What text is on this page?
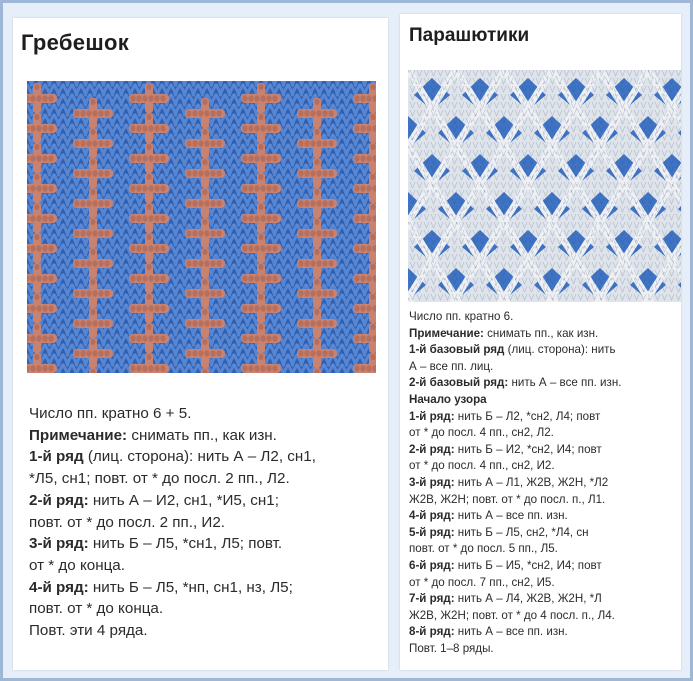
Гребешок
Число пп. кратно 6 + 5.
Примечание: снимать пп., как изн.
1-й ряд (лиц. сторона): нить А – Л2, сн1,
*Л5, сн1; повт. от * до посл. 2 пп., Л2.
2-й ряд: нить А – И2, сн1, *И5, сн1;
повт. от * до посл. 2 пп., И2.
3-й ряд: нить Б – Л5, *сн1, Л5; повт.
от * до конца.
4-й ряд: нить Б – Л5, *нп, сн1, нз, Л5;
повт. от * до конца.
Повт. эти 4 ряда.
Парашютики
Число пп. кратно 6.
Примечание: снимать пп., как изн.
1-й базовый ряд (лиц. сторона): нить
А – все пп. лиц.
2-й базовый ряд: нить А – все пп. изн.
Начало узора
1-й ряд: нить Б – Л2, *сн2, Л4; повт
от * до посл. 4 пп., сн2, Л2.
2-й ряд: нить Б – И2, *сн2, И4; повт
от * до посл. 4 пп., сн2, И2.
3-й ряд: нить А – Л1, Ж2В, Ж2Н, *Л2
Ж2В, Ж2Н; повт. от * до посл. п., Л1.
4-й ряд: нить А – все пп. изн.
5-й ряд: нить Б – Л5, сн2, *Л4, сн
повт. от * до посл. 5 пп., Л5.
6-й ряд: нить Б – И5, *сн2, И4; повт
от * до посл. 7 пп., сн2, И5.
7-й ряд: нить А – Л4, Ж2В, Ж2Н, *Л
Ж2В, Ж2Н; повт. от * до 4 посл. п., Л4.
8-й ряд: нить А – все пп. изн.
Повт. 1–8 ряды.
